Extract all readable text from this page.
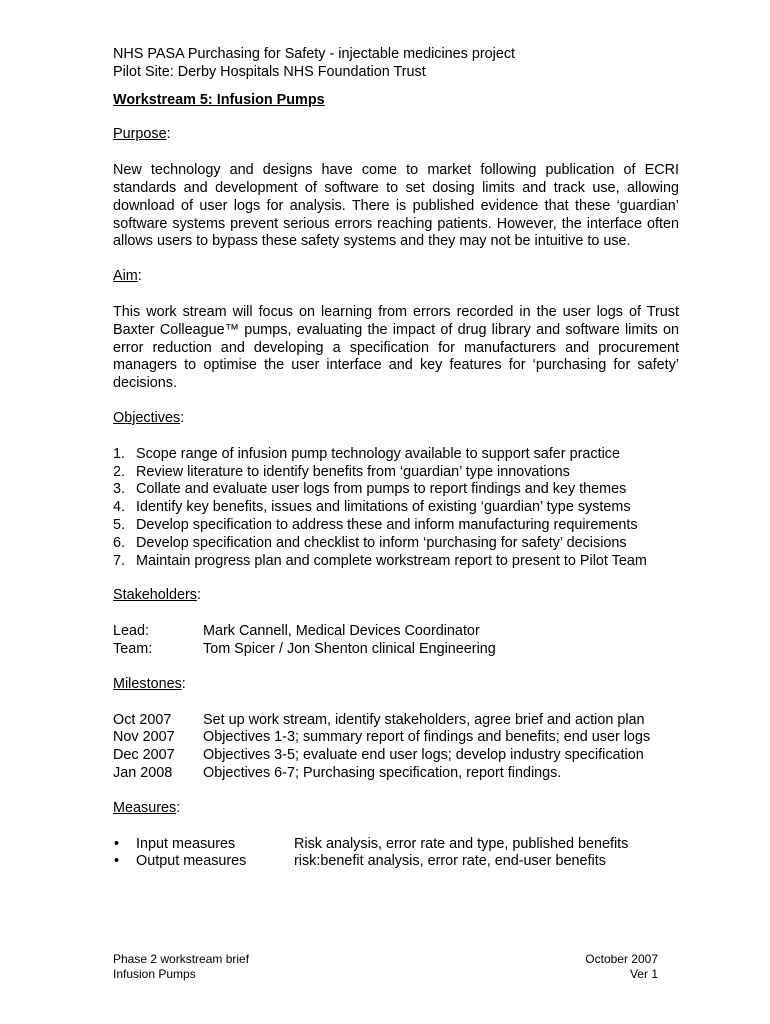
NHS PASA Purchasing for Safety - injectable medicines project
Pilot Site: Derby Hospitals NHS Foundation Trust
Workstream 5: Infusion Pumps
Purpose:
New technology and designs have come to market following publication of ECRI standards and development of software to set dosing limits and track use, allowing download of user logs for analysis. There is published evidence that these ‘guardian’ software systems prevent serious errors reaching patients. However, the interface often allows users to bypass these safety systems and they may not be intuitive to use.
Aim:
This work stream will focus on learning from errors recorded in the user logs of Trust Baxter Colleague™ pumps, evaluating the impact of drug library and software limits on error reduction and developing a specification for manufacturers and procurement managers to optimise the user interface and key features for ‘purchasing for safety’ decisions.
Objectives:
1. Scope range of infusion pump technology available to support safer practice
2. Review literature to identify benefits from ‘guardian’ type innovations
3. Collate and evaluate user logs from pumps to report findings and key themes
4. Identify key benefits, issues and limitations of existing ‘guardian’ type systems
5. Develop specification to address these and inform manufacturing requirements
6. Develop specification and checklist to inform ‘purchasing for safety’ decisions
7. Maintain progress plan and complete workstream report to present to Pilot Team
Stakeholders:
Lead:	Mark Cannell, Medical Devices Coordinator
Team:	Tom Spicer / Jon Shenton clinical Engineering
Milestones:
Oct 2007 Set up work stream, identify stakeholders, agree brief and action plan
Nov 2007 Objectives 1-3; summary report of findings and benefits; end user logs
Dec 2007 Objectives 3-5; evaluate end user logs; develop industry specification
Jan 2008 Objectives 6-7; Purchasing specification, report findings.
Measures:
• Input measures	Risk analysis, error rate and type, published benefits
• Output measures	risk:benefit analysis, error rate, end-user benefits
Phase 2 workstream brief
Infusion Pumps
October 2007
Ver 1
